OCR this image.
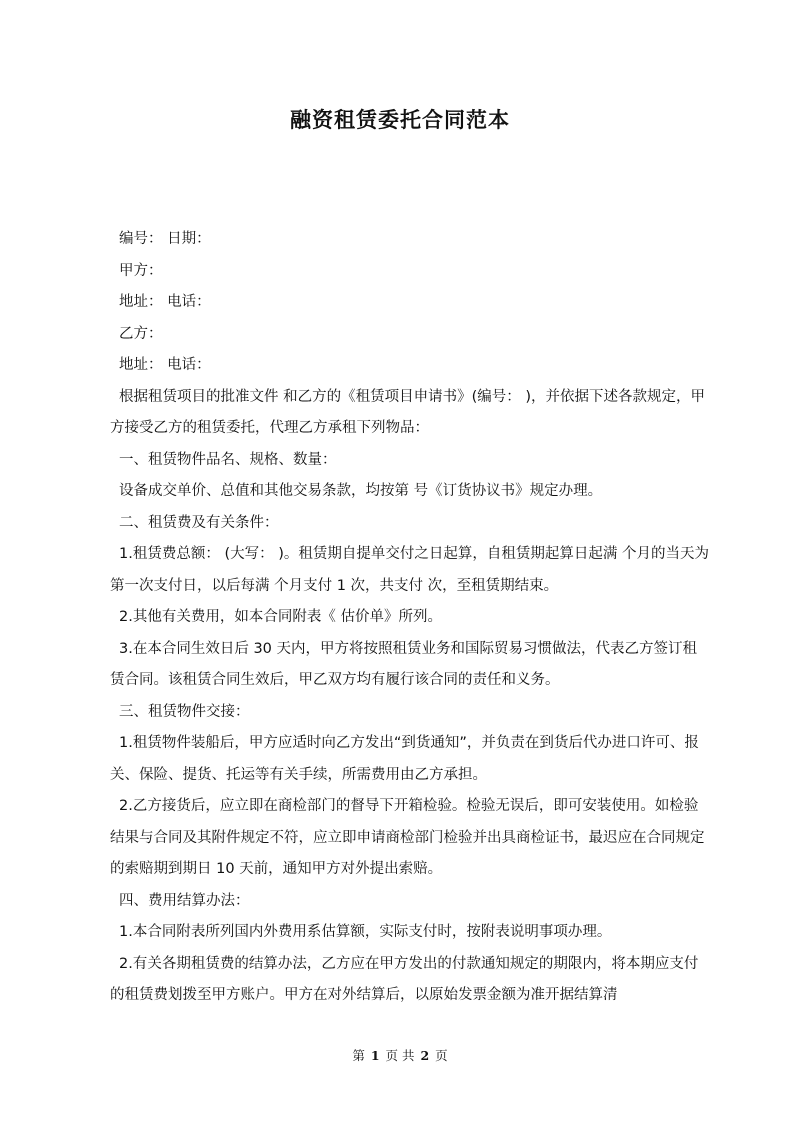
融资租赁委托合同范本

编号： 日期：

甲方：

地址： 电话：

乙方：

地址： 电话：

根据租赁项目的批准文件 和乙方的《租赁项目申请书》(编号： )，并依据下述各款规定，甲方接受乙方的租赁委托，代理乙方承租下列物品：

一、租赁物件品名、规格、数量：

设备成交单价、总值和其他交易条款，均按第 号《订货协议书》规定办理。

二、租赁费及有关条件：

1.租赁费总额： (大写： )。租赁期自提单交付之日起算，自租赁期起算日起满 个月的当天为第一次支付日，以后每满 个月支付 1 次，共支付 次，至租赁期结束。

2.其他有关费用，如本合同附表《 估价单》所列。

3.在本合同生效日后 30 天内，甲方将按照租赁业务和国际贸易习惯做法，代表乙方签订租赁合同。该租赁合同生效后，甲乙双方均有履行该合同的责任和义务。

三、租赁物件交接：

1.租赁物件装船后，甲方应适时向乙方发出“到货通知”，并负责在到货后代办进口许可、报关、保险、提货、托运等有关手续，所需费用由乙方承担。

2.乙方接货后，应立即在商检部门的督导下开箱检验。检验无误后，即可安装使用。如检验结果与合同及其附件规定不符，应立即申请商检部门检验并出具商检证书，最迟应在合同规定的索赔期到期日 10 天前，通知甲方对外提出索赔。

四、费用结算办法：

1.本合同附表所列国内外费用系估算额，实际支付时，按附表说明事项办理。

2.有关各期租赁费的结算办法，乙方应在甲方发出的付款通知规定的期限内，将本期应支付的租赁费划拨至甲方账户。甲方在对外结算后，以原始发票金额为准开据结算清

第 1 页 共 2 页
